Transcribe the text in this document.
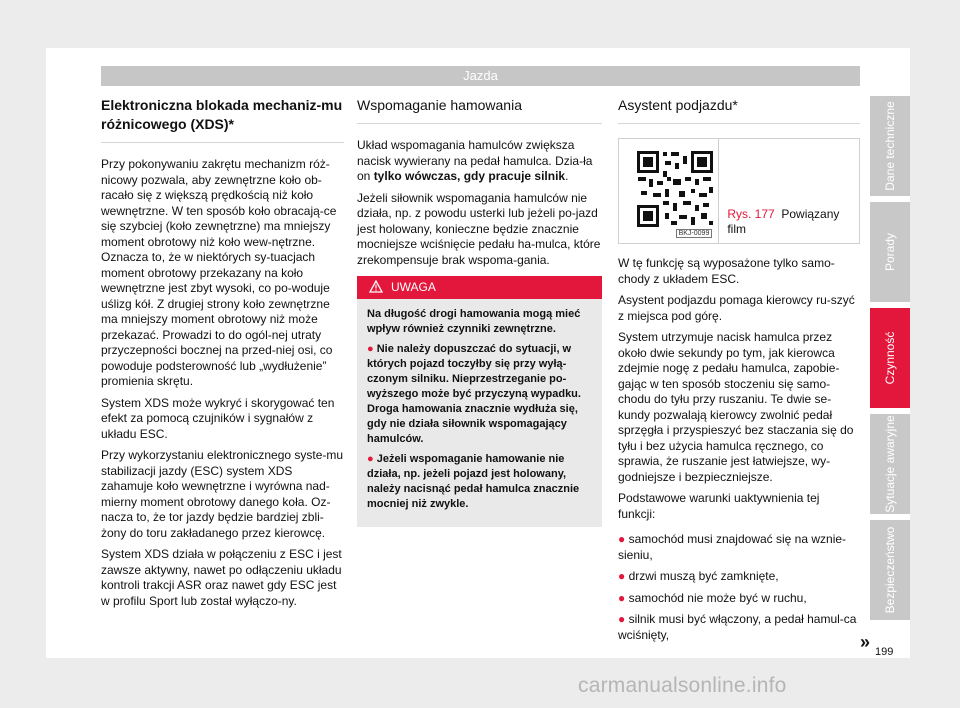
Jazda
Elektroniczna blokada mechaniz-mu różnicowego (XDS)*

Przy pokonywaniu zakrętu mechanizm róż-nicowy pozwala, aby zewnętrzne koło ob-racało się z większą prędkością niż koło wewnętrzne. W ten sposób koło obracają-ce się szybciej (koło zewnętrzne) ma mniejszy moment obrotowy niż koło wew-nętrzne. Oznacza to, że w niektórych sy-tuacjach moment obrotowy przekazany na koło wewnętrzne jest zbyt wysoki, co po-woduje uślizg kół. Z drugiej strony koło zewnętrzne ma mniejszy moment obrotowy niż może przekazać. Prowadzi to do ogól-nej utraty przyczepności bocznej na przed-niej osi, co powoduje podsterowność lub „wydłużenie” promienia skrętu.

System XDS może wykryć i skorygować ten efekt za pomocą czujników i sygnałów z układu ESC.

Przy wykorzystaniu elektronicznego syste-mu stabilizacji jazdy (ESC) system XDS zahamuje koło wewnętrzne i wyrówna nad-mierny moment obrotowy danego koła. Oz-nacza to, że tor jazdy będzie bardziej zbli-żony do toru zakładanego przez kierowcę.

System XDS działa w połączeniu z ESC i jest zawsze aktywny, nawet po odłączeniu układu kontroli trakcji ASR oraz nawet gdy ESC jest w profilu Sport lub został wyłączo-ny.

Wspomaganie hamowania

Układ wspomagania hamulców zwiększa nacisk wywierany na pedał hamulca. Dzia-ła on tylko wówczas, gdy pracuje silnik.

Jeżeli siłownik wspomagania hamulców nie działa, np. z powodu usterki lub jeżeli po-jazd jest holowany, konieczne będzie znacznie mocniejsze wciśnięcie pedału ha-mulca, które zrekompensuje brak wspoma-gania.

UWAGA

Na długość drogi hamowania mogą mieć wpływ również czynniki zewnętrzne.

● Nie należy dopuszczać do sytuacji, w których pojazd toczyłby się przy wyłą-czonym silniku. Nieprzestrzeganie po-wyższego może być przyczyną wypadku. Droga hamowania znacznie wydłuża się, gdy nie działa siłownik wspomagający hamulców.

● Jeżeli wspomaganie hamowanie nie działa, np. jeżeli pojazd jest holowany, należy nacisnąć pedał hamulca znacznie mocniej niż zwykle.

Asystent podjazdu*
BKJ-0099
Rys. 177 Powiązany film

W tę funkcję są wyposażone tylko samo-chody z układem ESC.

Asystent podjazdu pomaga kierowcy ru-szyć z miejsca pod górę.

System utrzymuje nacisk hamulca przez około dwie sekundy po tym, jak kierowca zdejmie nogę z pedału hamulca, zapobie-gając w ten sposób stoczeniu się samo-chodu do tyłu przy ruszaniu. Te dwie se-kundy pozwalają kierowcy zwolnić pedał sprzęgła i przyspieszyć bez staczania się do tyłu i bez użycia hamulca ręcznego, co sprawia, że ruszanie jest łatwiejsze, wy-godniejsze i bezpieczniejsze.

Podstawowe warunki uaktywnienia tej funkcji:

● samochód musi znajdować się na wznie-sieniu,

● drzwi muszą być zamknięte,

● samochód nie może być w ruchu,

● silnik musi być włączony, a pedał hamul-ca wciśnięty,

Dane techniczne
Porady
Czynność
Sytuacje awaryjne
Bezpieczeństwo
» 199
carmanualsonline.info
